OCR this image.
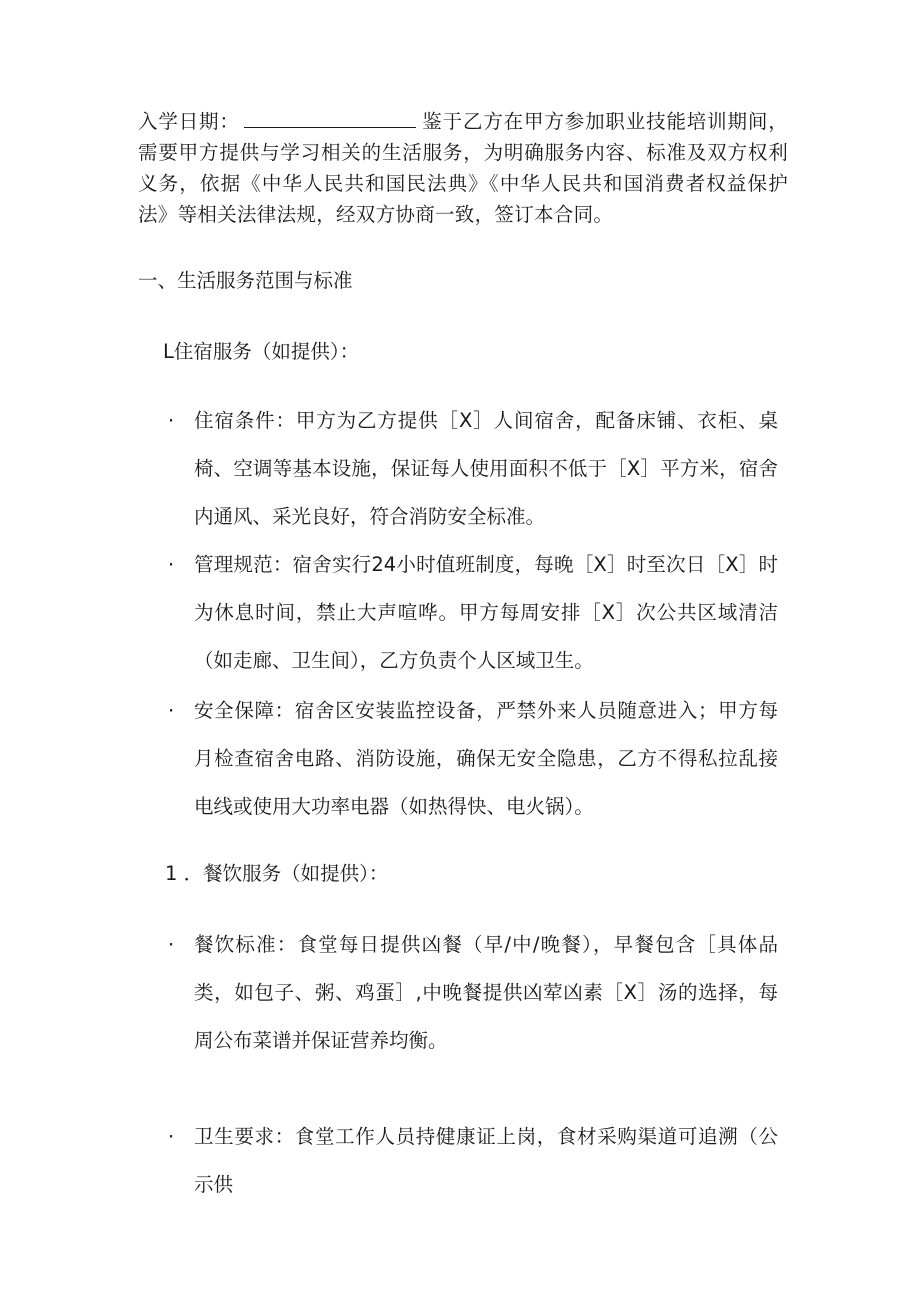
入学日期：	鉴于乙方在甲方参加职业技能培训期间，需要甲方提供与学习相关的生活服务，为明确服务内容、标准及双方权利义务，依据《中华人民共和国民法典》《中华人民共和国消费者权益保护法》等相关法律法规，经双方协商一致，签订本合同。

一、生活服务范围与标准

L住宿服务（如提供）：

·	住宿条件：甲方为乙方提供［X］人间宿舍，配备床铺、衣柜、桌椅、空调等基本设施，保证每人使用面积不低于［X］平方米，宿舍内通风、采光良好，符合消防安全标准。
·	管理规范：宿舍实行24小时值班制度，每晚［X］时至次日［X］时为休息时间，禁止大声喧哗。甲方每周安排［X］次公共区域清洁（如走廊、卫生间），乙方负责个人区域卫生。
·	安全保障：宿舍区安装监控设备，严禁外来人员随意进入；甲方每月检查宿舍电路、消防设施，确保无安全隐患，乙方不得私拉乱接电线或使用大功率电器（如热得快、电火锅）。

1 ．餐饮服务（如提供）：

·	餐饮标准：食堂每日提供凶餐（早/中/晚餐），早餐包含［具体品类，如包子、粥、鸡蛋］,中晚餐提供凶荤凶素［X］汤的选择，每周公布菜谱并保证营养均衡。
·	卫生要求：食堂工作人员持健康证上岗，食材采购渠道可追溯（公示供
